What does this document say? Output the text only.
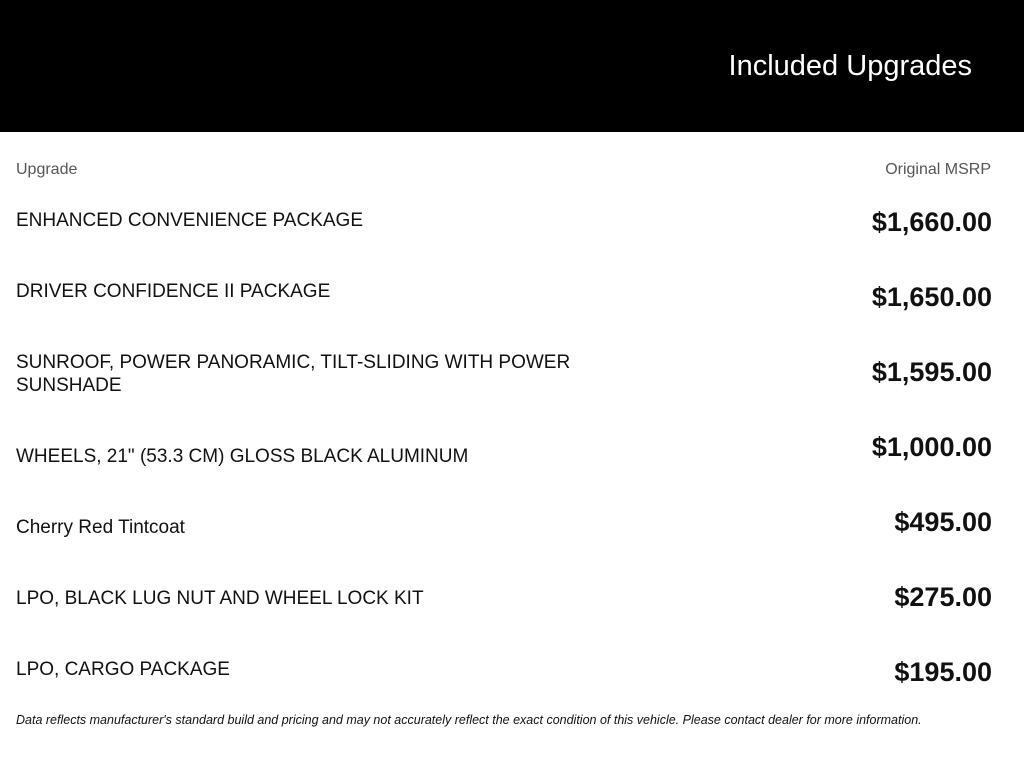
Included Upgrades
Upgrade	Original MSRP
ENHANCED CONVENIENCE PACKAGE	$1,660.00
DRIVER CONFIDENCE II PACKAGE	$1,650.00
SUNROOF, POWER PANORAMIC, TILT-SLIDING WITH POWER SUNSHADE	$1,595.00
WHEELS, 21" (53.3 CM) GLOSS BLACK ALUMINUM	$1,000.00
Cherry Red Tintcoat	$495.00
LPO, BLACK LUG NUT AND WHEEL LOCK KIT	$275.00
LPO, CARGO PACKAGE	$195.00
Data reflects manufacturer's standard build and pricing and may not accurately reflect the exact condition of this vehicle. Please contact dealer for more information.
